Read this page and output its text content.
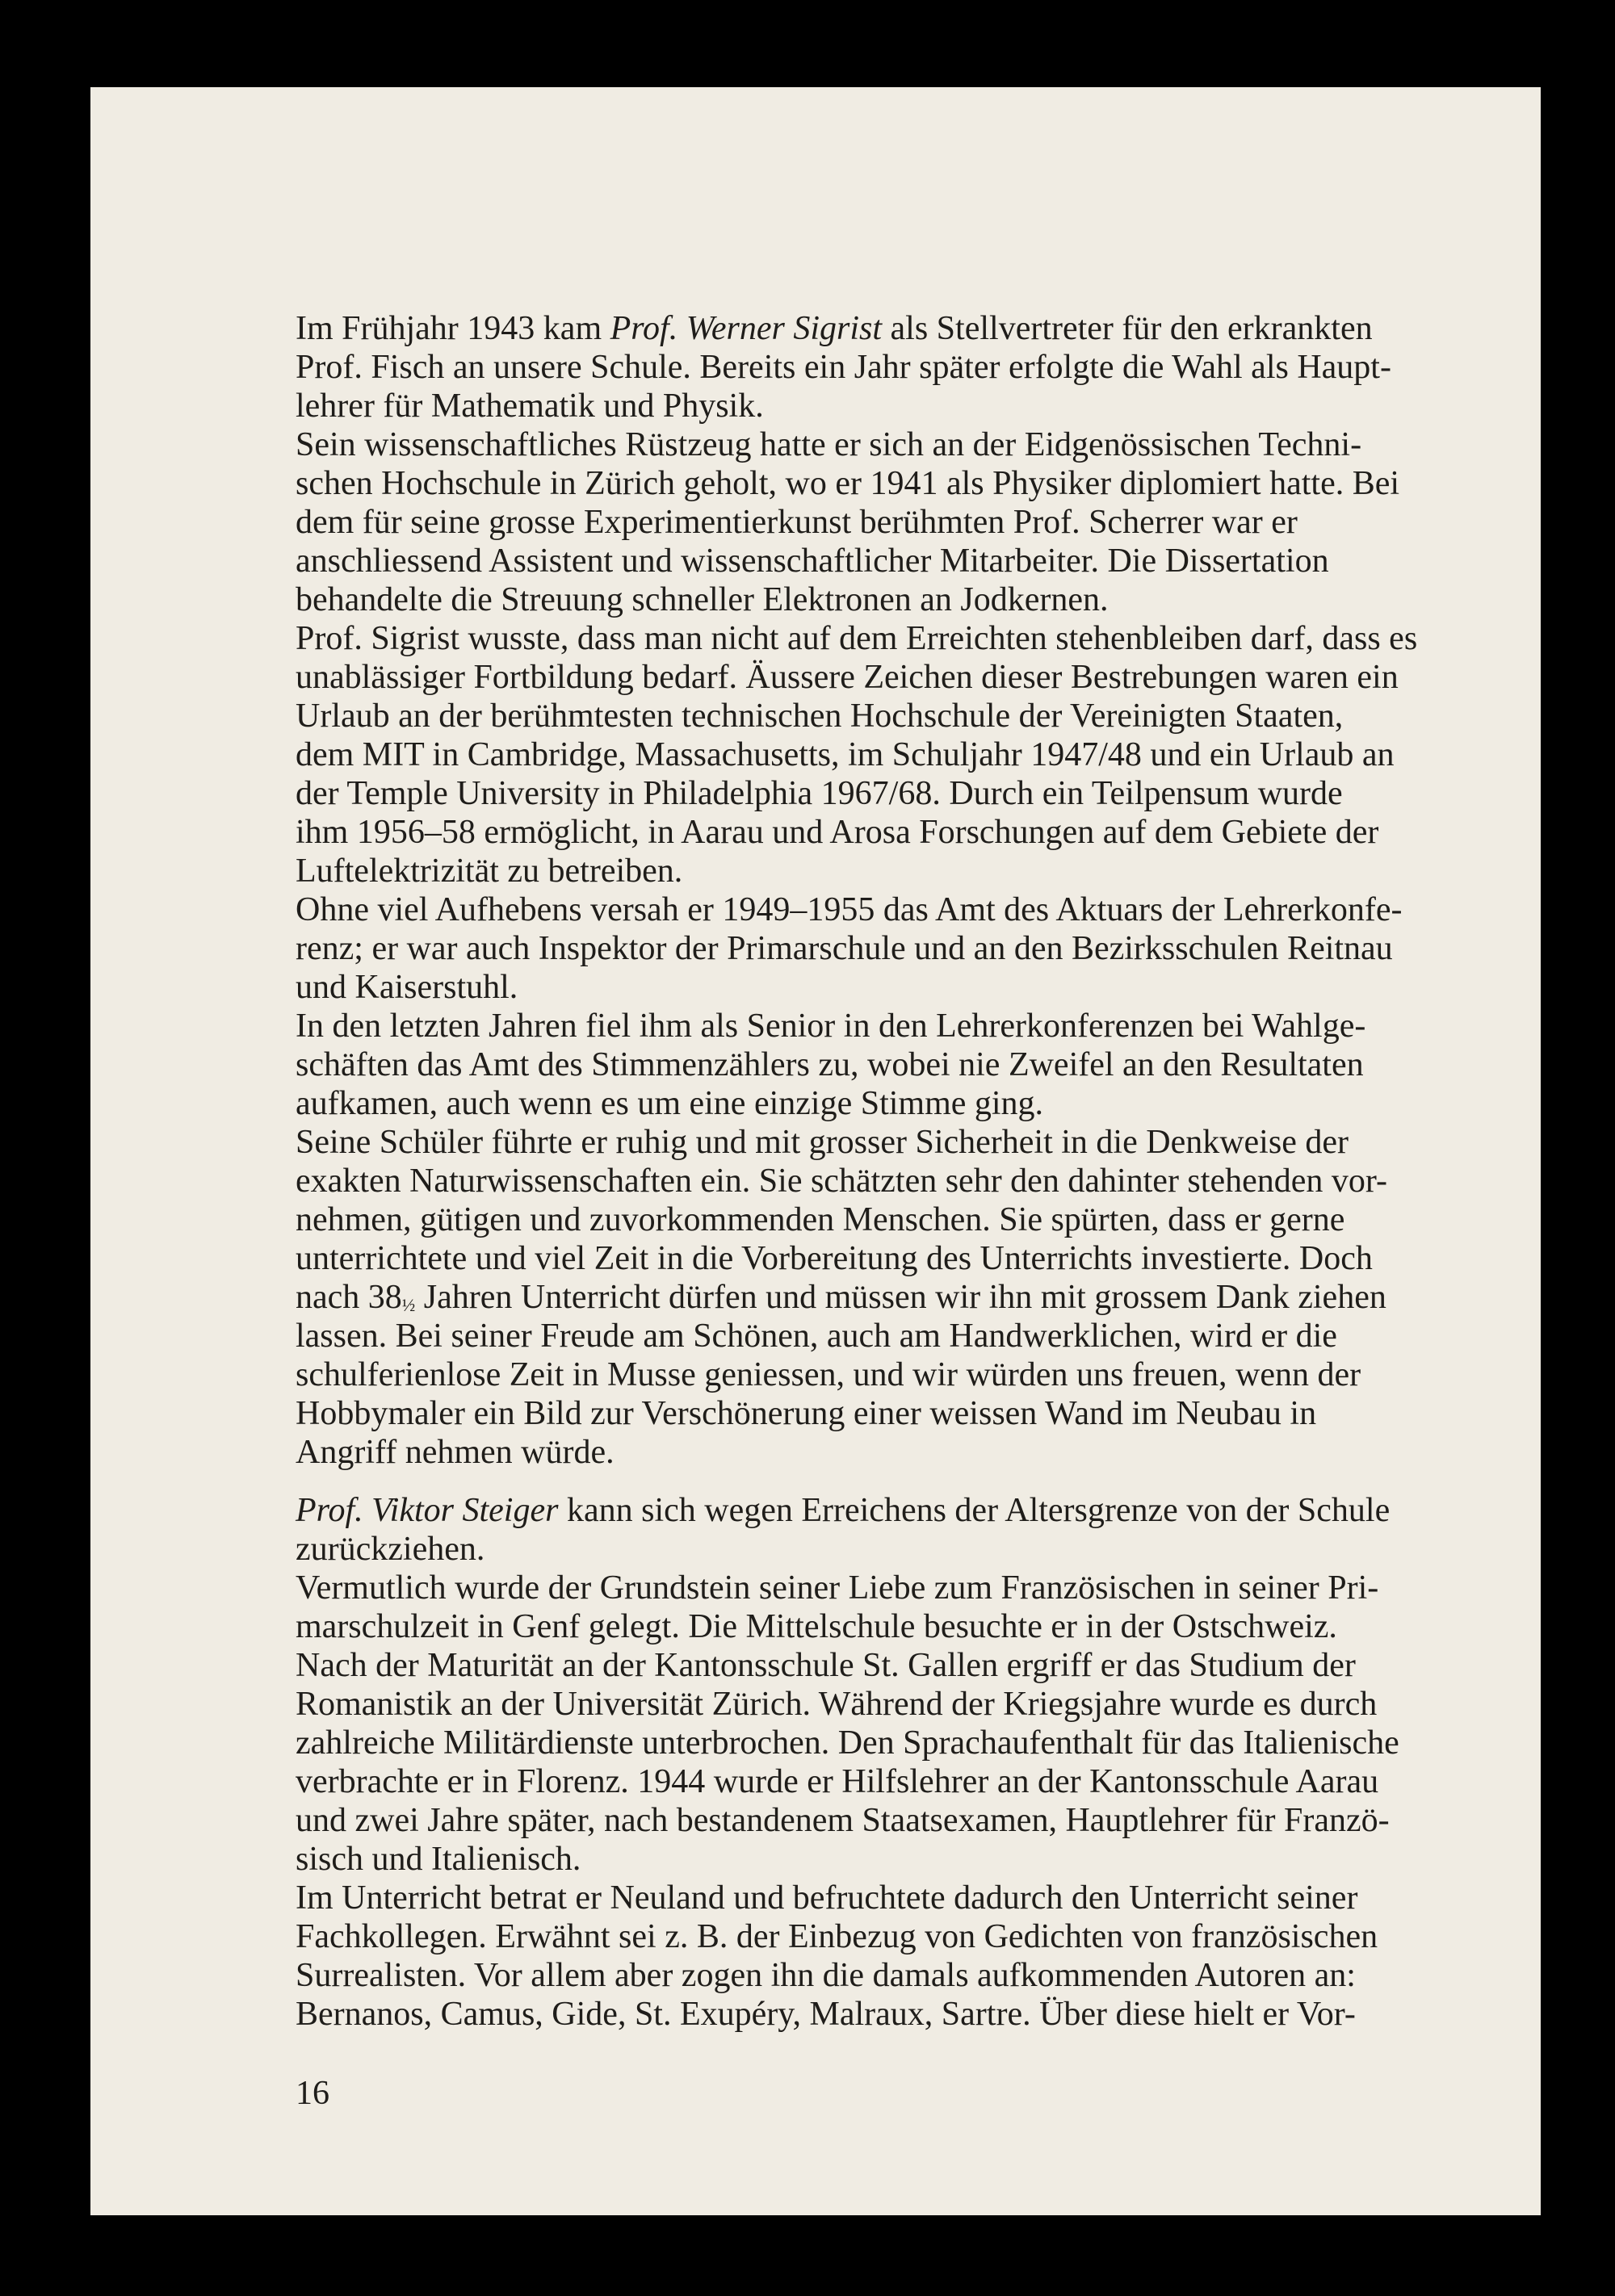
Im Frühjahr 1943 kam Prof. Werner Sigrist als Stellvertreter für den erkrankten
Prof. Fisch an unsere Schule. Bereits ein Jahr später erfolgte die Wahl als Haupt-
lehrer für Mathematik und Physik.
Sein wissenschaftliches Rüstzeug hatte er sich an der Eidgenössischen Techni-
schen Hochschule in Zürich geholt, wo er 1941 als Physiker diplomiert hatte. Bei
dem für seine grosse Experimentierkunst berühmten Prof. Scherrer war er
anschliessend Assistent und wissenschaftlicher Mitarbeiter. Die Dissertation
behandelte die Streuung schneller Elektronen an Jodkernen.
Prof. Sigrist wusste, dass man nicht auf dem Erreichten stehenbleiben darf, dass es
unablässiger Fortbildung bedarf. Äussere Zeichen dieser Bestrebungen waren ein
Urlaub an der berühmtesten technischen Hochschule der Vereinigten Staaten,
dem MIT in Cambridge, Massachusetts, im Schuljahr 1947/48 und ein Urlaub an
der Temple University in Philadelphia 1967/68. Durch ein Teilpensum wurde
ihm 1956–58 ermöglicht, in Aarau und Arosa Forschungen auf dem Gebiete der
Luftelektrizität zu betreiben.
Ohne viel Aufhebens versah er 1949–1955 das Amt des Aktuars der Lehrerkonfe-
renz; er war auch Inspektor der Primarschule und an den Bezirksschulen Reitnau
und Kaiserstuhl.
In den letzten Jahren fiel ihm als Senior in den Lehrerkonferenzen bei Wahlge-
schäften das Amt des Stimmenzählers zu, wobei nie Zweifel an den Resultaten
aufkamen, auch wenn es um eine einzige Stimme ging.
Seine Schüler führte er ruhig und mit grosser Sicherheit in die Denkweise der
exakten Naturwissenschaften ein. Sie schätzten sehr den dahinter stehenden vor-
nehmen, gütigen und zuvorkommenden Menschen. Sie spürten, dass er gerne
unterrichtete und viel Zeit in die Vorbereitung des Unterrichts investierte. Doch
nach $38_{\frac{1}{2}}$ Jahren Unterricht dürfen und müssen wir ihn mit grossem Dank ziehen
lassen. Bei seiner Freude am Schönen, auch am Handwerklichen, wird er die
schulferienlose Zeit in Musse geniessen, und wir würden uns freuen, wenn der
Hobbymaler ein Bild zur Verschönerung einer weissen Wand im Neubau in
Angriff nehmen würde.
Prof. Viktor Steiger kann sich wegen Erreichens der Altersgrenze von der Schule
zurückziehen.
Vermutlich wurde der Grundstein seiner Liebe zum Französischen in seiner Pri-
marschulzeit in Genf gelegt. Die Mittelschule besuchte er in der Ostschweiz.
Nach der Maturität an der Kantonsschule St. Gallen ergriff er das Studium der
Romanistik an der Universität Zürich. Während der Kriegsjahre wurde es durch
zahlreiche Militärdienste unterbrochen. Den Sprachaufenthalt für das Italienische
verbrachte er in Florenz. 1944 wurde er Hilfslehrer an der Kantonsschule Aarau
und zwei Jahre später, nach bestandenem Staatsexamen, Hauptlehrer für Franzö-
sisch und Italienisch.
Im Unterricht betrat er Neuland und befruchtete dadurch den Unterricht seiner
Fachkollegen. Erwähnt sei z. B. der Einbezug von Gedichten von französischen
Surrealisten. Vor allem aber zogen ihn die damals aufkommenden Autoren an:
Bernanos, Camus, Gide, St. Exupéry, Malraux, Sartre. Über diese hielt er Vor-
16
